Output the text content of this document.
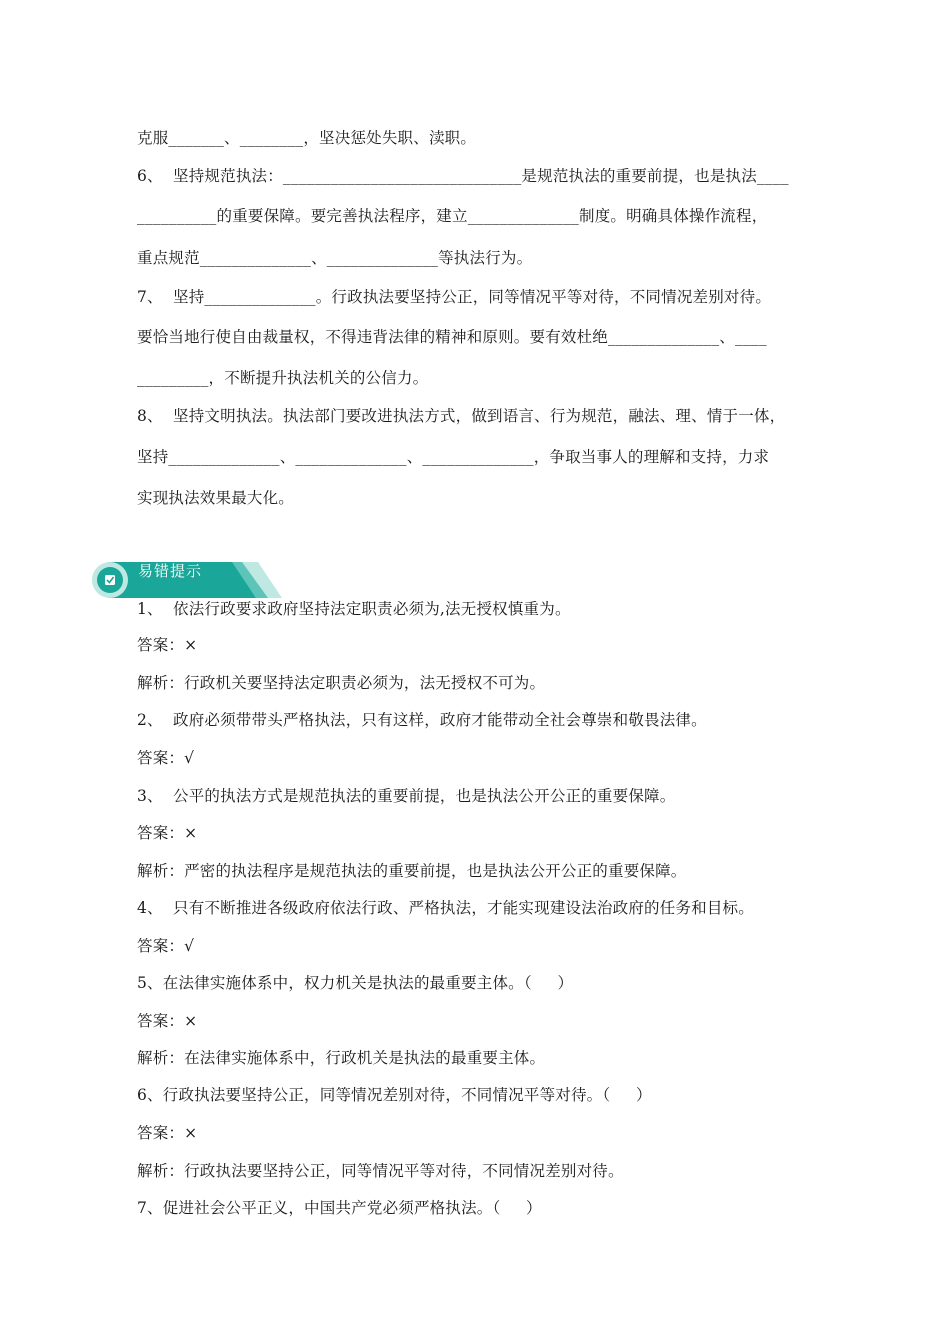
克服_______、________，坚决惩处失职、渎职。
6、  坚持规范执法：______________________________是规范执法的重要前提，也是执法____
__________的重要保障。要完善执法程序，建立______________制度。明确具体操作流程，
重点规范______________、______________等执法行为。
7、  坚持______________。行政执法要坚持公正，同等情况平等对待，不同情况差别对待。
要恰当地行使自由裁量权，不得违背法律的精神和原则。要有效杜绝______________、____
_________，不断提升执法机关的公信力。
8、  坚持文明执法。执法部门要改进执法方式，做到语言、行为规范，融法、理、情于一体，
坚持______________、______________、______________，争取当事人的理解和支持，力求
实现执法效果最大化。
易错提示
1、  依法行政要求政府坚持法定职责必须为,法无授权慎重为。
答案：×
解析：行政机关要坚持法定职责必须为，法无授权不可为。
2、  政府必须带带头严格执法，只有这样，政府才能带动全社会尊崇和敬畏法律。
答案：√
3、  公平的执法方式是规范执法的重要前提，也是执法公开公正的重要保障。
答案：×
解析：严密的执法程序是规范执法的重要前提，也是执法公开公正的重要保障。
4、  只有不断推进各级政府依法行政、严格执法，才能实现建设法治政府的任务和目标。
答案：√
5、在法律实施体系中，权力机关是执法的最重要主体。（     ）
答案：×
解析：在法律实施体系中，行政机关是执法的最重要主体。
6、行政执法要坚持公正，同等情况差别对待，不同情况平等对待。（     ）
答案：×
解析：行政执法要坚持公正，同等情况平等对待，不同情况差别对待。
7、促进社会公平正义，中国共产党必须严格执法。（     ）
